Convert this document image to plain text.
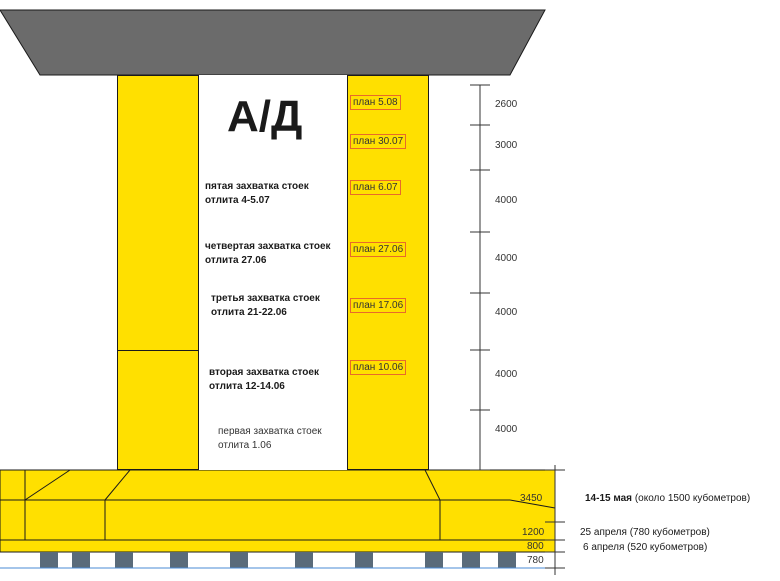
А/Д
пятая захватка стоек
отлита 4-5.07
четвертая захватка стоек
отлита 27.06
третья захватка стоек
отлита 21-22.06
вторая захватка стоек
отлита 12-14.06
первая захватка стоек
отлита 1.06
план 5.08
план 30.07
план 6.07
план 27.06
план 17.06
план 10.06
2600
3000
4000
4000
4000
4000
4000
3450
1200
800
780
14-15 мая (около 1500 кубометров)
25 апреля (780 кубометров)
6 апреля (520 кубометров)
